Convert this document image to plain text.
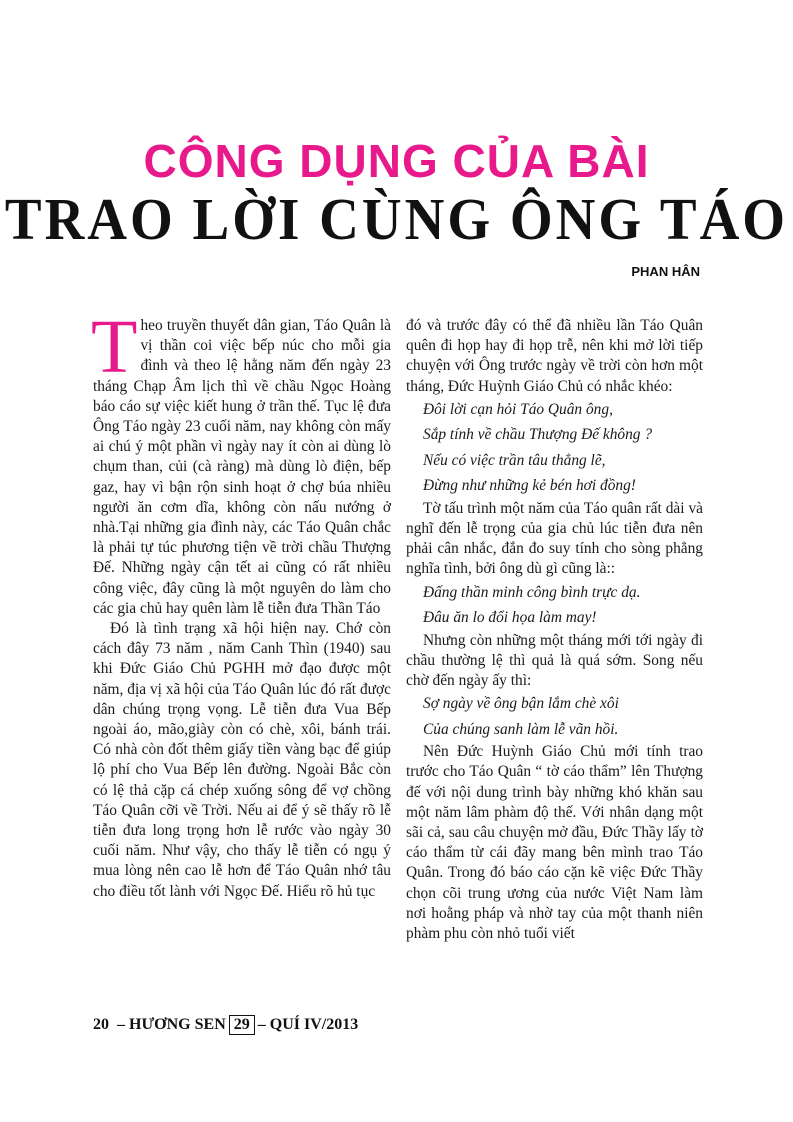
CÔNG DỤNG CỦA BÀI
TRAO LỜI CÙNG ÔNG TÁO
PHAN HÂN

Theo truyền thuyết dân gian, Táo Quân là vị thần coi việc bếp núc cho mỗi gia đình và theo lệ hằng năm đến ngày 23 tháng Chạp Âm lịch thì về chầu Ngọc Hoàng báo cáo sự việc kiết hung ở trần thế. Tục lệ đưa Ông Táo ngày 23 cuối năm, nay không còn mấy ai chú ý một phần vì ngày nay ít còn ai dùng lò chụm than, củi (cà ràng) mà dùng lò điện, bếp gaz, hay vì bận rộn sinh hoạt ở chợ búa nhiều người ăn cơm dĩa, không còn nấu nướng ở nhà.Tại những gia đình này, các Táo Quân chắc là phải tự túc phương tiện về trời chầu Thượng Đế. Những ngày cận tết ai cũng có rất nhiều công việc, đây cũng là một nguyên do làm cho các gia chủ hay quên làm lễ tiễn đưa Thần Táo

Đó là tình trạng xã hội hiện nay. Chớ còn cách đây 73 năm , năm Canh Thìn (1940) sau khi Đức Giáo Chủ PGHH mở đạo được một năm, địa vị xã hội của Táo Quân lúc đó rất được dân chúng trọng vọng. Lễ tiễn đưa Vua Bếp ngoài áo, mão,giày còn có chè, xôi, bánh trái. Có nhà còn đốt thêm giấy tiền vàng bạc để giúp lộ phí cho Vua Bếp lên đường. Ngoài Bắc còn có lệ thả cặp cá chép xuống sông để vợ chồng Táo Quân cỡi về Trời. Nếu ai để ý sẽ thấy rõ lễ tiễn đưa long trọng hơn lễ rước vào ngày 30 cuối năm. Như vậy, cho thấy lễ tiễn có ngụ ý mua lòng nên cao lễ hơn để Táo Quân nhớ tâu cho điều tốt lành với Ngọc Đế. Hiểu rõ hủ tục

đó và trước đây có thể đã nhiều lần Táo Quân quên đi họp hay đi họp trễ, nên khi mở lời tiếp chuyện với Ông trước ngày về trời còn hơn một tháng, Đức Huỳnh Giáo Chủ có nhắc khéo:

Đôi lời cạn hỏi Táo Quân ông,

Sắp tính về chầu Thượng Đế không ?

Nếu có việc trần tâu thẳng lẽ,

Đừng như những kẻ bén hơi đồng!

Tờ tấu trình một năm của Táo quân rất dài và nghĩ đến lễ trọng của gia chủ lúc tiễn đưa nên phải cân nhắc, đắn đo suy tính cho sòng phẳng nghĩa tình, bởi ông dù gì cũng là::

Đấng thần minh công bình trực dạ.

Đâu ăn lo đổi họa làm may!

Nhưng còn những một tháng mới tới ngày đi chầu thường lệ thì quả là quá sớm. Song nếu chờ đến ngày ấy thì:

Sợ ngày về ông bận lắm chè xôi

Của chúng sanh làm lễ vãn hồi.

Nên Đức Huỳnh Giáo Chủ mới tính trao trước cho Táo Quân “ tờ cáo thẩm” lên Thượng đế với nội dung trình bày những khó khăn sau một năm lâm phàm độ thế. Với nhân dạng một sãi cả, sau câu chuyện mở đầu, Đức Thầy lấy tờ cáo thẩm từ cái đãy mang bên mình trao Táo Quân. Trong đó báo cáo cặn kẽ việc Đức Thầy chọn cõi trung ương của nước Việt Nam làm nơi hoằng pháp và nhờ tay của một thanh niên phàm phu còn nhỏ tuổi viết

20
– HƯƠNG SEN 29 – QUÍ IV/2013
